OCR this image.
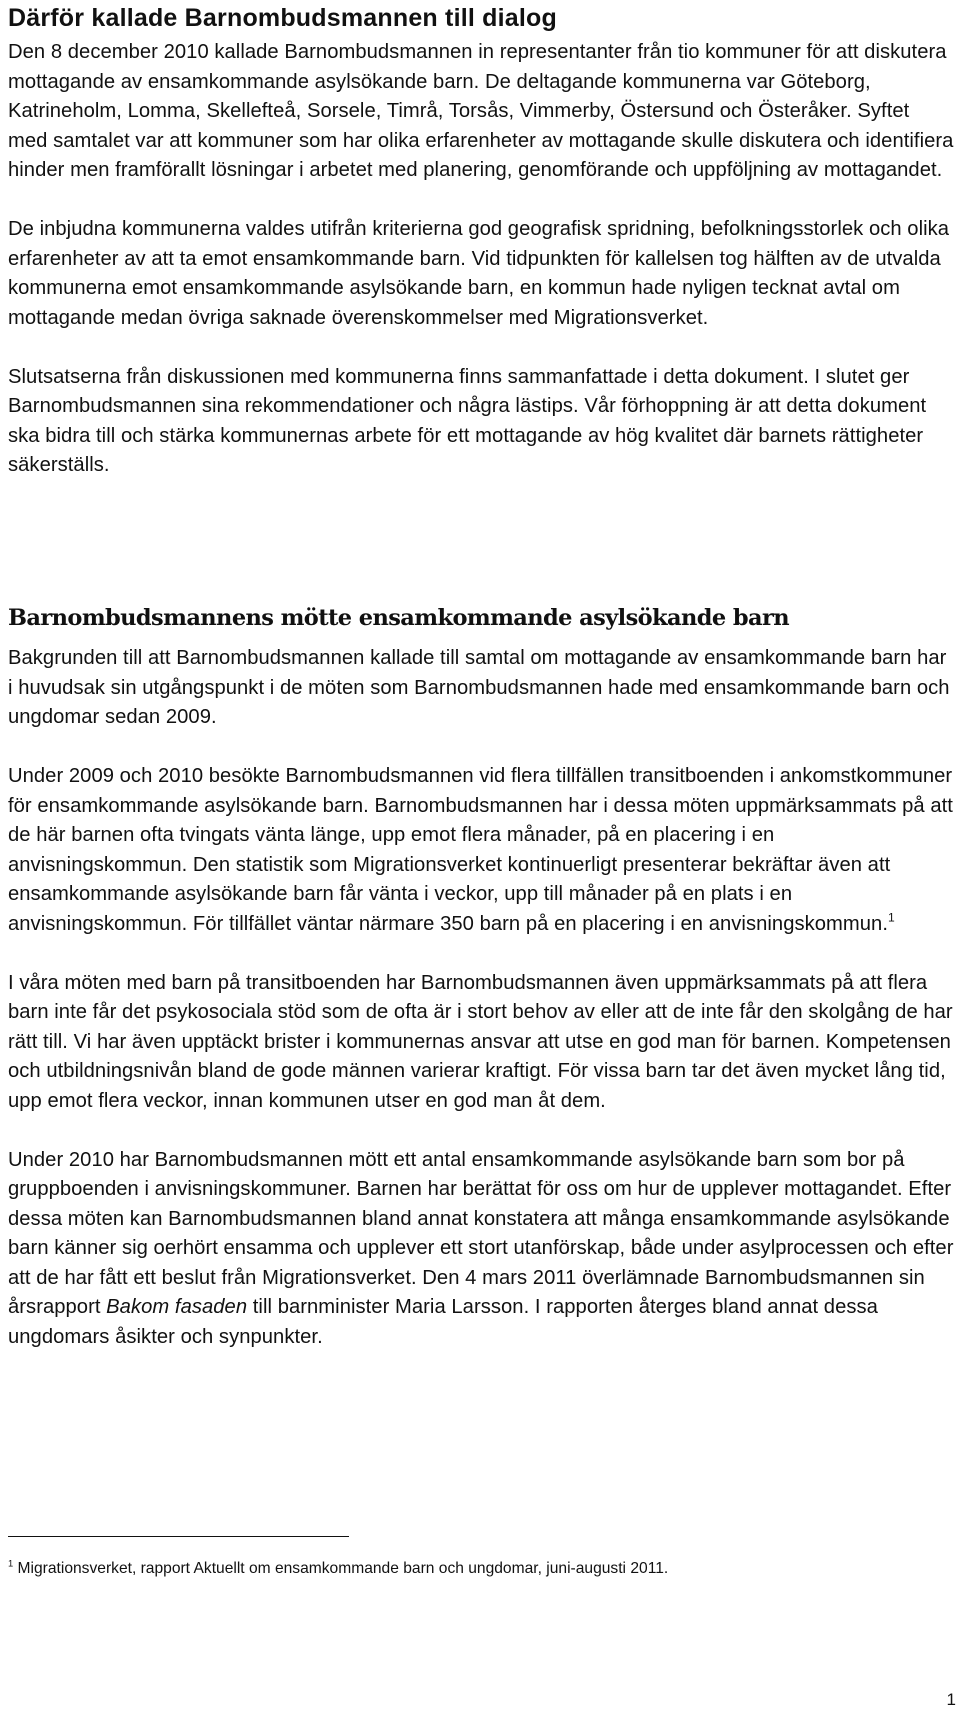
Därför kallade Barnombudsmannen till dialog

Den 8 december 2010 kallade Barnombudsmannen in representanter från tio kommuner för att diskutera mottagande av ensamkommande asylsökande barn. De deltagande kommunerna var Göteborg, Katrineholm, Lomma, Skellefteå, Sorsele, Timrå, Torsås, Vimmerby, Östersund och Österåker. Syftet med samtalet var att kommuner som har olika erfarenheter av mottagande skulle diskutera och identifiera hinder men framförallt lösningar i arbetet med planering, genomförande och uppföljning av mottagandet.

De inbjudna kommunerna valdes utifrån kriterierna god geografisk spridning, befolkningsstorlek och olika erfarenheter av att ta emot ensamkommande barn. Vid tidpunkten för kallelsen tog hälften av de utvalda kommunerna emot ensamkommande asylsökande barn, en kommun hade nyligen tecknat avtal om mottagande medan övriga saknade överenskommelser med Migrationsverket.

Slutsatserna från diskussionen med kommunerna finns sammanfattade i detta dokument. I slutet ger Barnombudsmannen sina rekommendationer och några lästips. Vår förhoppning är att detta dokument ska bidra till och stärka kommunernas arbete för ett mottagande av hög kvalitet där barnets rättigheter säkerställs.

Barnombudsmannens mötte ensamkommande asylsökande barn

Bakgrunden till att Barnombudsmannen kallade till samtal om mottagande av ensamkommande barn har i huvudsak sin utgångspunkt i de möten som Barnombudsmannen hade med ensamkommande barn och ungdomar sedan 2009.

Under 2009 och 2010 besökte Barnombudsmannen vid flera tillfällen transitboenden i ankomstkommuner för ensamkommande asylsökande barn. Barnombudsmannen har i dessa möten uppmärksammats på att de här barnen ofta tvingats vänta länge, upp emot flera månader, på en placering i en anvisningskommun. Den statistik som Migrationsverket kontinuerligt presenterar bekräftar även att ensamkommande asylsökande barn får vänta i veckor, upp till månader på en plats i en anvisningskommun. För tillfället väntar närmare 350 barn på en placering i en anvisningskommun.$^1$

I våra möten med barn på transitboenden har Barnombudsmannen även uppmärksammats på att flera barn inte får det psykosociala stöd som de ofta är i stort behov av eller att de inte får den skolgång de har rätt till. Vi har även upptäckt brister i kommunernas ansvar att utse en god man för barnen. Kompetensen och utbildningsnivån bland de gode männen varierar kraftigt. För vissa barn tar det även mycket lång tid, upp emot flera veckor, innan kommunen utser en god man åt dem.

Under 2010 har Barnombudsmannen mött ett antal ensamkommande asylsökande barn som bor på gruppboenden i anvisningskommuner. Barnen har berättat för oss om hur de upplever mottagandet. Efter dessa möten kan Barnombudsmannen bland annat konstatera att många ensamkommande asylsökande barn känner sig oerhört ensamma och upplever ett stort utanförskap, både under asylprocessen och efter att de har fått ett beslut från Migrationsverket. Den 4 mars 2011 överlämnade Barnombudsmannen sin årsrapport Bakom fasaden till barnminister Maria Larsson. I rapporten återges bland annat dessa ungdomars åsikter och synpunkter.

$^1$ Migrationsverket, rapport Aktuellt om ensamkommande barn och ungdomar, juni-augusti 2011.
1
